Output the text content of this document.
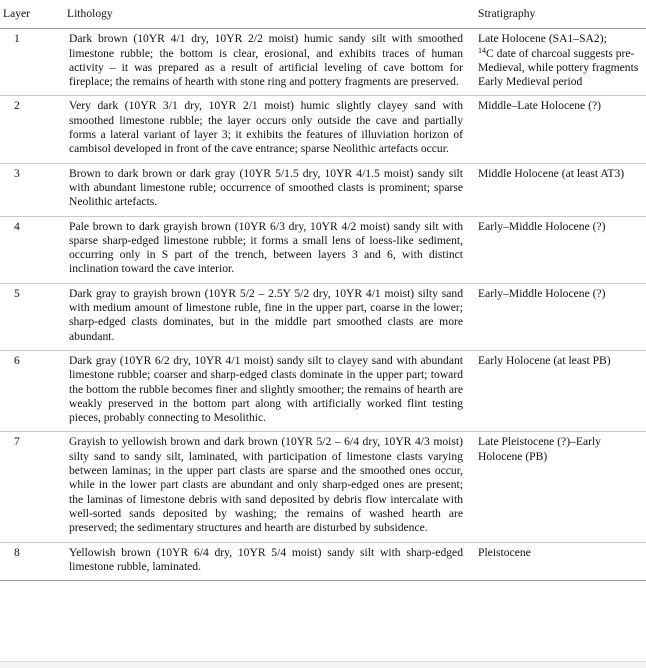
Layer	Lithology	Stratigraphy
1	Dark brown (10YR 4/1 dry, 10YR 2/2 moist) humic sandy silt with smoothed limestone rubble; the bottom is clear, erosional, and exhibits traces of human activity – it was prepared as a result of artificial leveling of cave bottom for fireplace; the remains of hearth with stone ring and pottery fragments are preserved.	Late Holocene (SA1–SA2);
$^{14}$C date of charcoal suggests pre-Medieval, while pottery fragments Early Medieval period
2	Very dark (10YR 3/1 dry, 10YR 2/1 moist) humic slightly clayey sand with smoothed limestone rubble; the layer occurs only outside the cave and partially forms a lateral variant of layer 3; it exhibits the features of illuviation horizon of cambisol developed in front of the cave entrance; sparse Neolithic artefacts occur.	Middle–Late Holocene (?)
3	Brown to dark brown or dark gray (10YR 5/1.5 dry, 10YR 4/1.5 moist) sandy silt with abundant limestone ruble; occurrence of smoothed clasts is prominent; sparse Neolithic artefacts.	Middle Holocene (at least AT3)
4	Pale brown to dark grayish brown (10YR 6/3 dry, 10YR 4/2 moist) sandy silt with sparse sharp-edged limestone rubble; it forms a small lens of loess-like sediment, occurring only in S part of the trench, between layers 3 and 6, with distinct inclination toward the cave interior.	Early–Middle Holocene (?)
5	Dark gray to grayish brown (10YR 5/2 – 2.5Y 5/2 dry, 10YR 4/1 moist) silty sand with medium amount of limestone ruble, fine in the upper part, coarse in the lower; sharp-edged clasts dominates, but in the middle part smoothed clasts are more abundant.	Early–Middle Holocene (?)
6	Dark gray (10YR 6/2 dry, 10YR 4/1 moist) sandy silt to clayey sand with abundant limestone rubble; coarser and sharp-edged clasts dominate in the upper part; toward the bottom the rubble becomes finer and slightly smoother; the remains of hearth are weakly preserved in the bottom part along with artificially worked flint testing pieces, probably connecting to Mesolithic.	Early Holocene (at least PB)
7	Grayish to yellowish brown and dark brown (10YR 5/2 – 6/4 dry, 10YR 4/3 moist) silty sand to sandy silt, laminated, with participation of limestone clasts varying between laminas; in the upper part clasts are sparse and the smoothed ones occur, while in the lower part clasts are abundant and only sharp-edged ones are present; the laminas of limestone debris with sand deposited by debris flow intercalate with well-sorted sands deposited by washing; the remains of washed hearth are preserved; the sedimentary structures and hearth are disturbed by subsidence.	Late Pleistocene (?)–Early Holocene (PB)
8	Yellowish brown (10YR 6/4 dry, 10YR 5/4 moist) sandy silt with sharp-edged limestone rubble, laminated.	Pleistocene
